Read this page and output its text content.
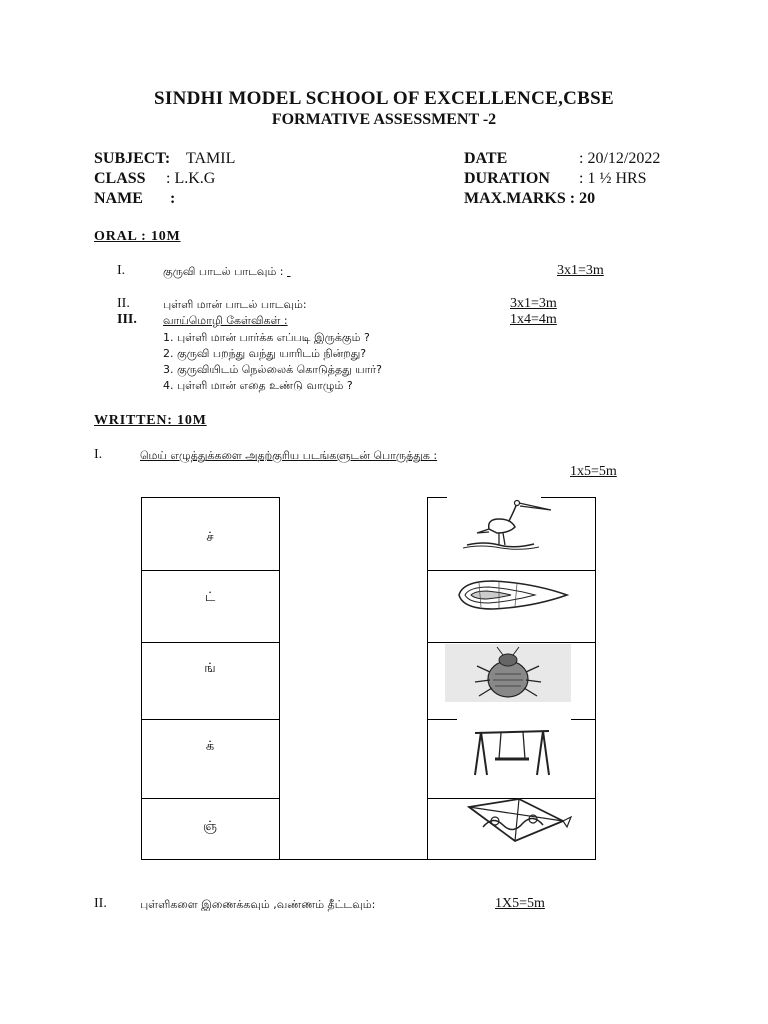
SINDHI MODEL SCHOOL OF EXCELLENCE,CBSE
FORMATIVE ASSESSMENT -2
SUBJECT: TAMIL
CLASS : L.K.G
NAME :
DATE	: 20/12/2022
DURATION : 1 ½ HRS
MAX.MARKS : 20
ORAL : 10M
I.	குருவி பாடல் பாடவும் :	3x1=3m
II.	புள்ளி மான் பாடல் பாடவும்:	3x1=3m
III. வாய்மொழி கேள்விகள் :	1x4=4m
1. புள்ளி மான் பார்க்க எப்படி இருக்கும் ?
2. குருவி பறந்து வந்து யாரிடம் நின்றது?
3. குருவியிடம் நெல்லைக் கொடுத்தது யார்?
4. புள்ளி மான் எதை உண்டு வாழும் ?
WRITTEN: 10M
I.	மெய் எழுத்துக்களை அதற்குரிய படங்களுடன் பொருத்துக :
1x5=5m
ச்
ட்
ங்
க்
ஞ்
II.	புள்ளிகளை இணைக்கவும் ,வண்ணம் தீட்டவும்:	1X5=5m
